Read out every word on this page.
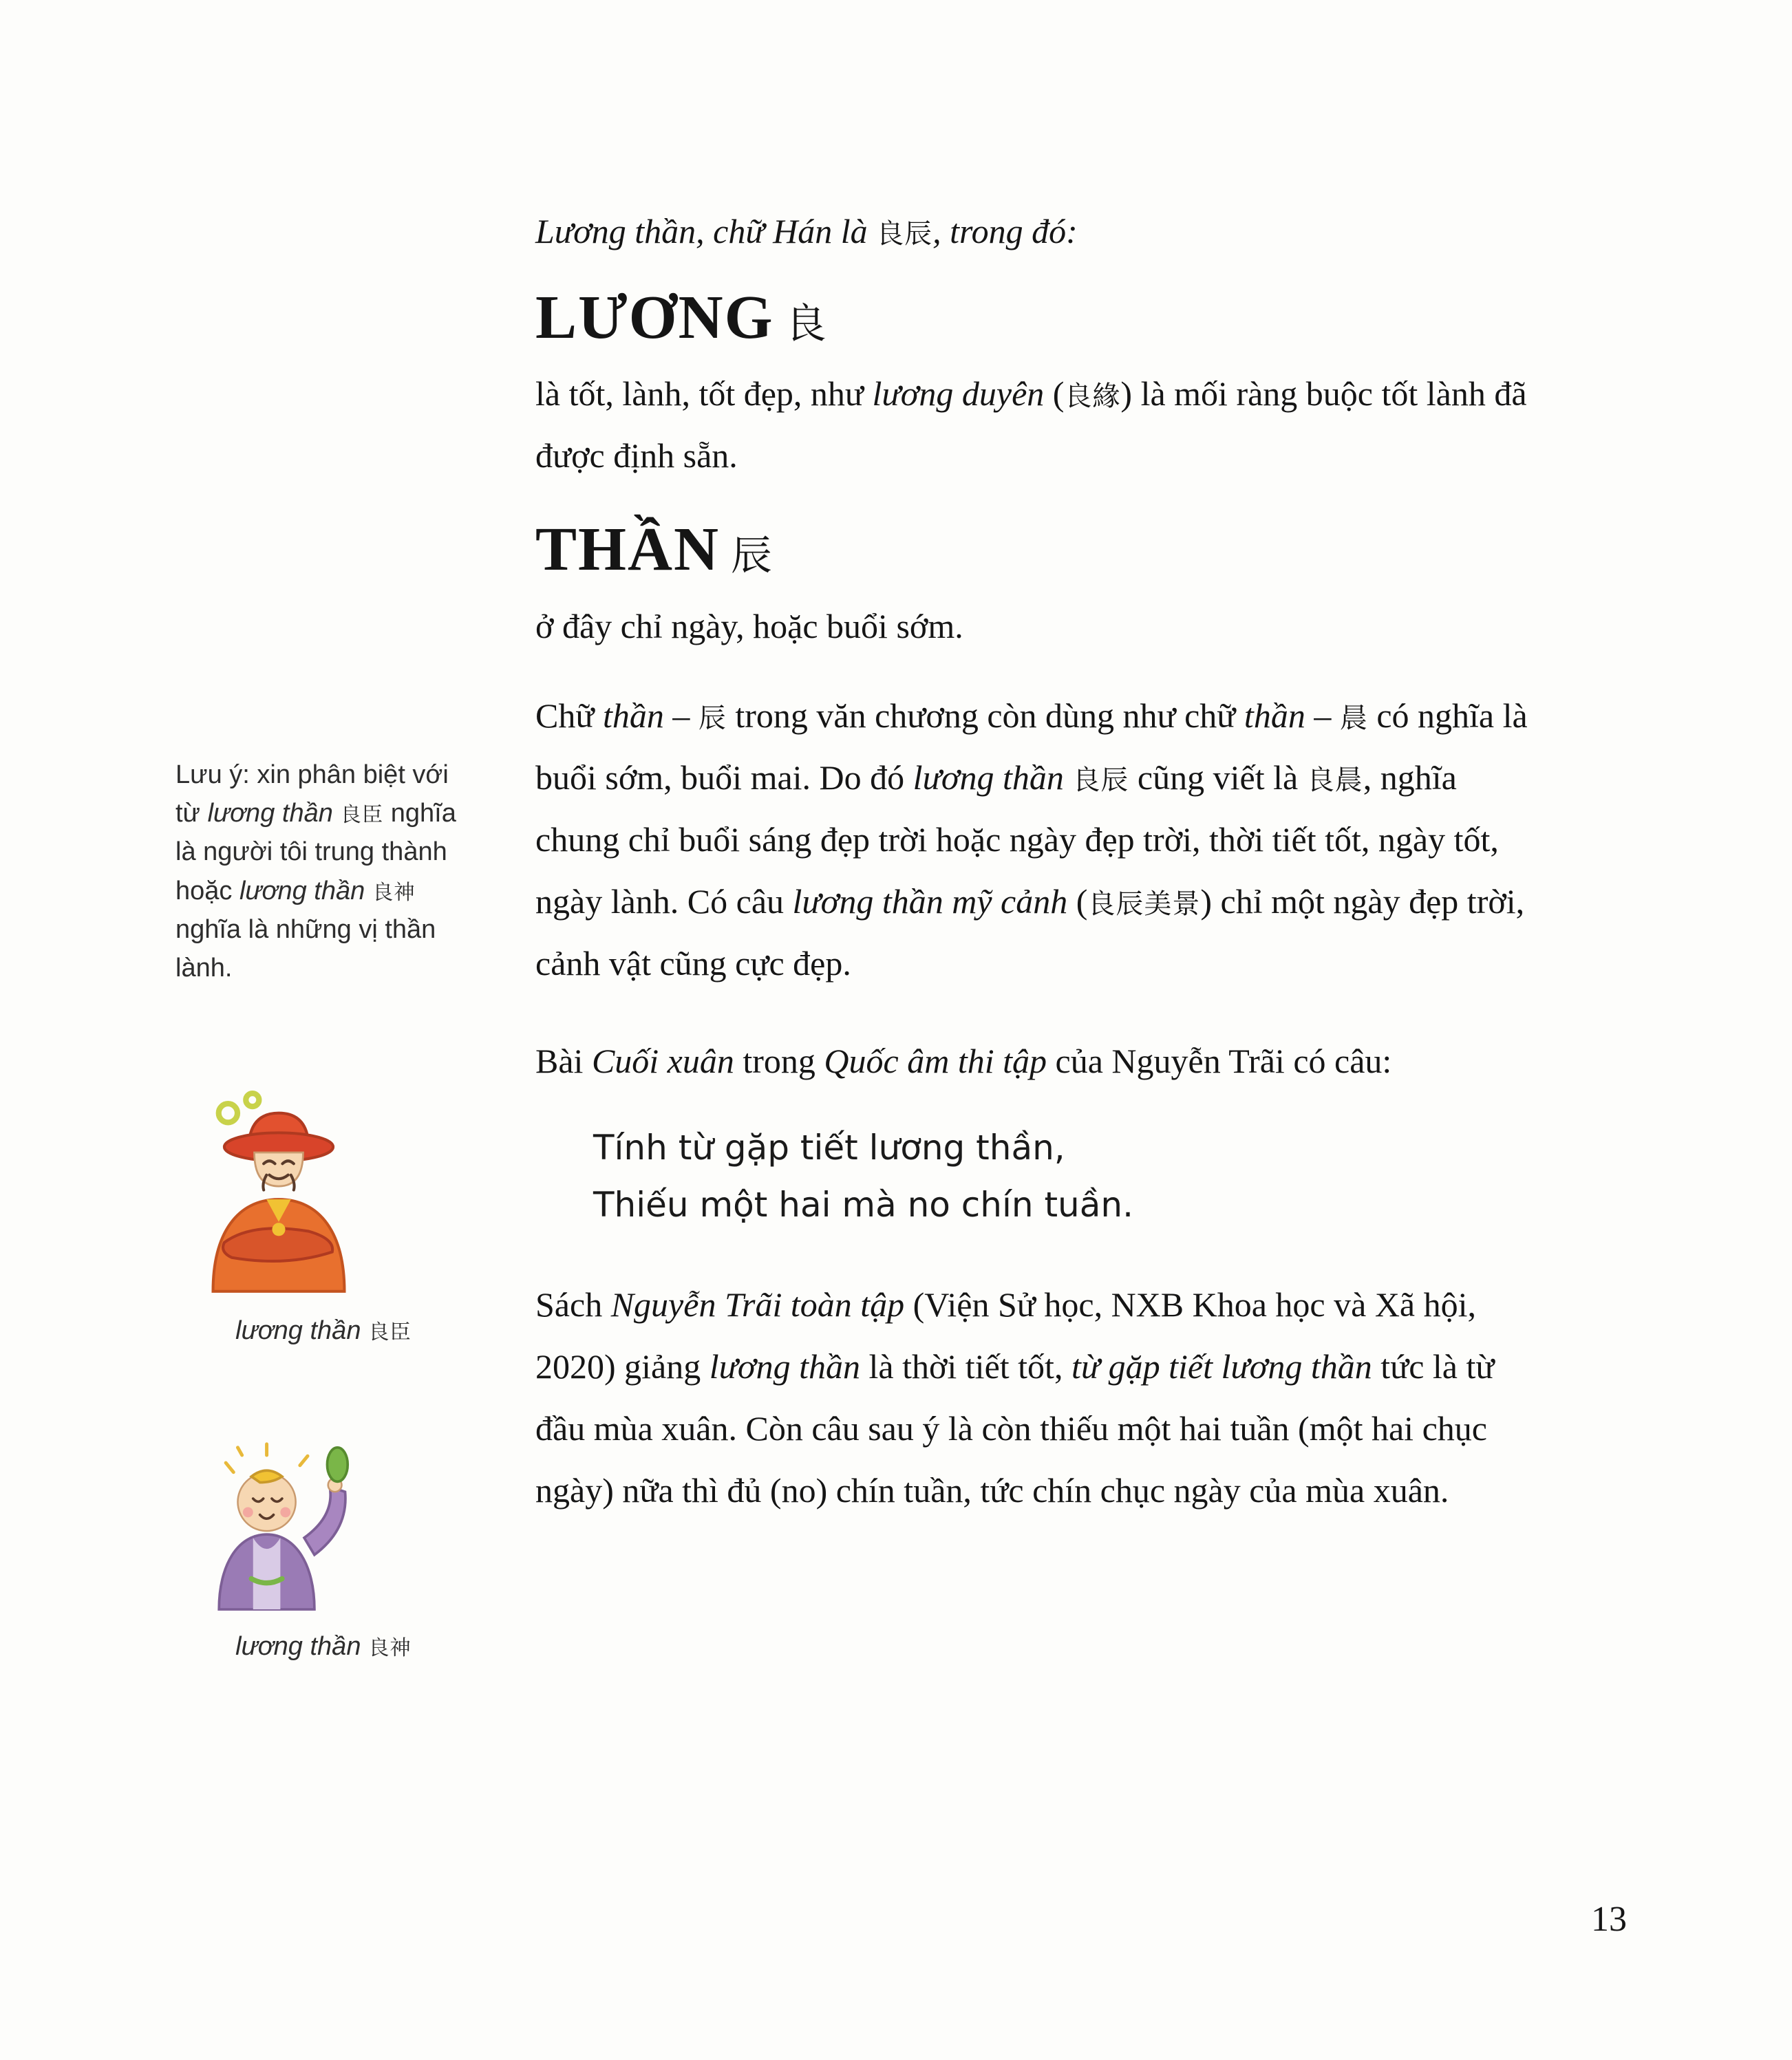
Lương thần, chữ Hán là 良辰, trong đó:

LƯƠNG 良

là tốt, lành, tốt đẹp, như lương duyên (良緣) là mối ràng buộc tốt lành đã được định sẵn.

THẦN 辰

ở đây chỉ ngày, hoặc buổi sớm.

Chữ thần – 辰 trong văn chương còn dùng như chữ thần – 晨 có nghĩa là buổi sớm, buổi mai. Do đó lương thần 良辰 cũng viết là 良晨, nghĩa chung chỉ buổi sáng đẹp trời hoặc ngày đẹp trời, thời tiết tốt, ngày tốt, ngày lành. Có câu lương thần mỹ cảnh (良辰美景) chỉ một ngày đẹp trời, cảnh vật cũng cực đẹp.

Bài Cuối xuân trong Quốc âm thi tập của Nguyễn Trãi có câu:

Tính từ gặp tiết lương thần,
Thiếu một hai mà no chín tuần.

Sách Nguyễn Trãi toàn tập (Viện Sử học, NXB Khoa học và Xã hội, 2020) giảng lương thần là thời tiết tốt, từ gặp tiết lương thần tức là từ đầu mùa xuân. Còn câu sau ý là còn thiếu một hai tuần (một hai chục ngày) nữa thì đủ (no) chín tuần, tức chín chục ngày của mùa xuân.

Lưu ý: xin phân biệt với từ lương thần 良臣 nghĩa là người tôi trung thành hoặc lương thần 良神 nghĩa là những vị thần lành.

lương thần 良臣

lương thần 良神

13
